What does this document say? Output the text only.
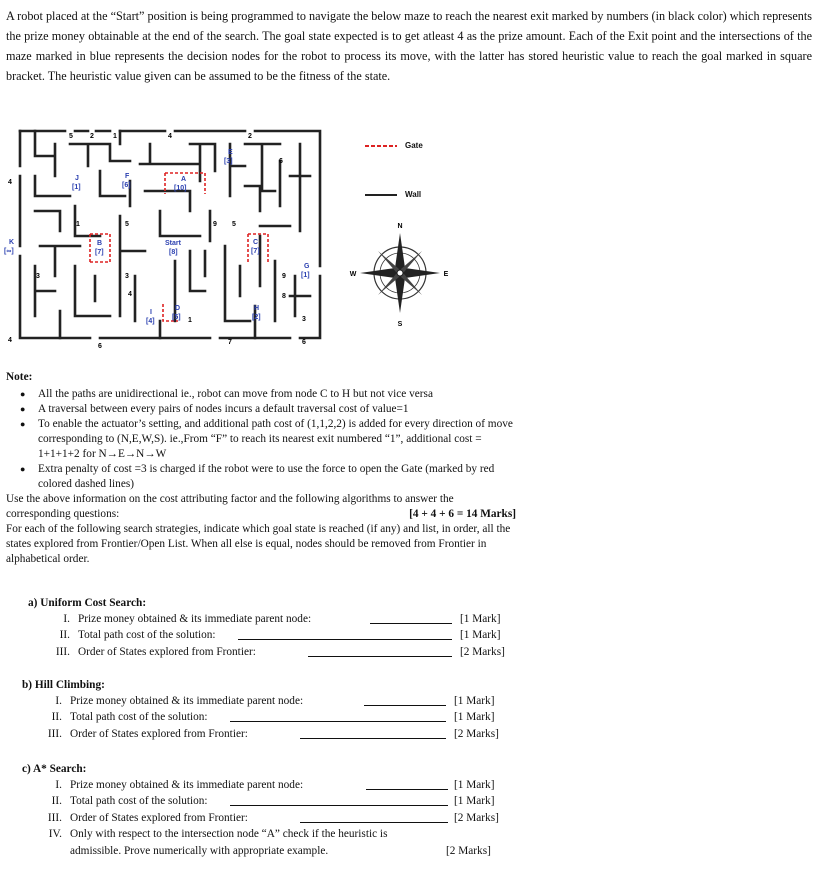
A robot placed at the “Start” position is being programmed to navigate the below maze to reach the nearest exit marked by numbers (in black color) which represents the prize money obtainable at the end of the search. The goal state expected is to get atleast 4 as the prize amount. Each of the Exit point and the intersections of the maze marked in blue represents the decision nodes for the robot to process its move, with the latter has stored heuristic value to reach the goal marked in square bracket. The heuristic value given can be assumed to be the fitness of the state.
5 2	1	4	2
4
6
3	3	9
8
3
4
6
7	6
1	5	9 5
4
1
E
[3]
A
[10]
F
[6]
J
[1]
K
[∞]
B
[7]
Start
[8]
C
[7]
G
[1]
I
[4]
D
[5]
H
[2]
Gate
Wall
N
S
E
W
Note:
● All the paths are unidirectional ie., robot can move from node C to H but not vice versa
● A traversal between every pairs of nodes incurs a default traversal cost of value=1
● To enable the actuator’s setting, and additional path cost of (1,1,2,2) is added for every direction of move corresponding to (N,E,W,S). ie.,From “F” to reach its nearest exit numbered “1”, additional cost = 1+1+1+2 for N→E→N→W
● Extra penalty of cost =3 is charged if the robot were to use the force to open the Gate (marked by red colored dashed lines)
Use the above information on the cost attributing factor and the following algorithms to answer the corresponding questions:	[4 + 4 + 6 = 14 Marks]
For each of the following search strategies, indicate which goal state is reached (if any) and list, in order, all the states explored from Frontier/Open List. When all else is equal, nodes should be removed from Frontier in alphabetical order.
a) Uniform Cost Search:
I. Prize money obtained & its immediate parent node:	[1 Mark]
II. Total path cost of the solution:	[1 Mark]
III. Order of States explored from Frontier:	[2 Marks]
b) Hill Climbing:
I. Prize money obtained & its immediate parent node:	[1 Mark]
II. Total path cost of the solution:	[1 Mark]
III. Order of States explored from Frontier:	[2 Marks]
c) A* Search:
I. Prize money obtained & its immediate parent node:	[1 Mark]
II. Total path cost of the solution:	[1 Mark]
III. Order of States explored from Frontier:	[2 Marks]
IV. Only with respect to the intersection node “A” check if the heuristic is
admissible. Prove numerically with appropriate example.	[2 Marks]
